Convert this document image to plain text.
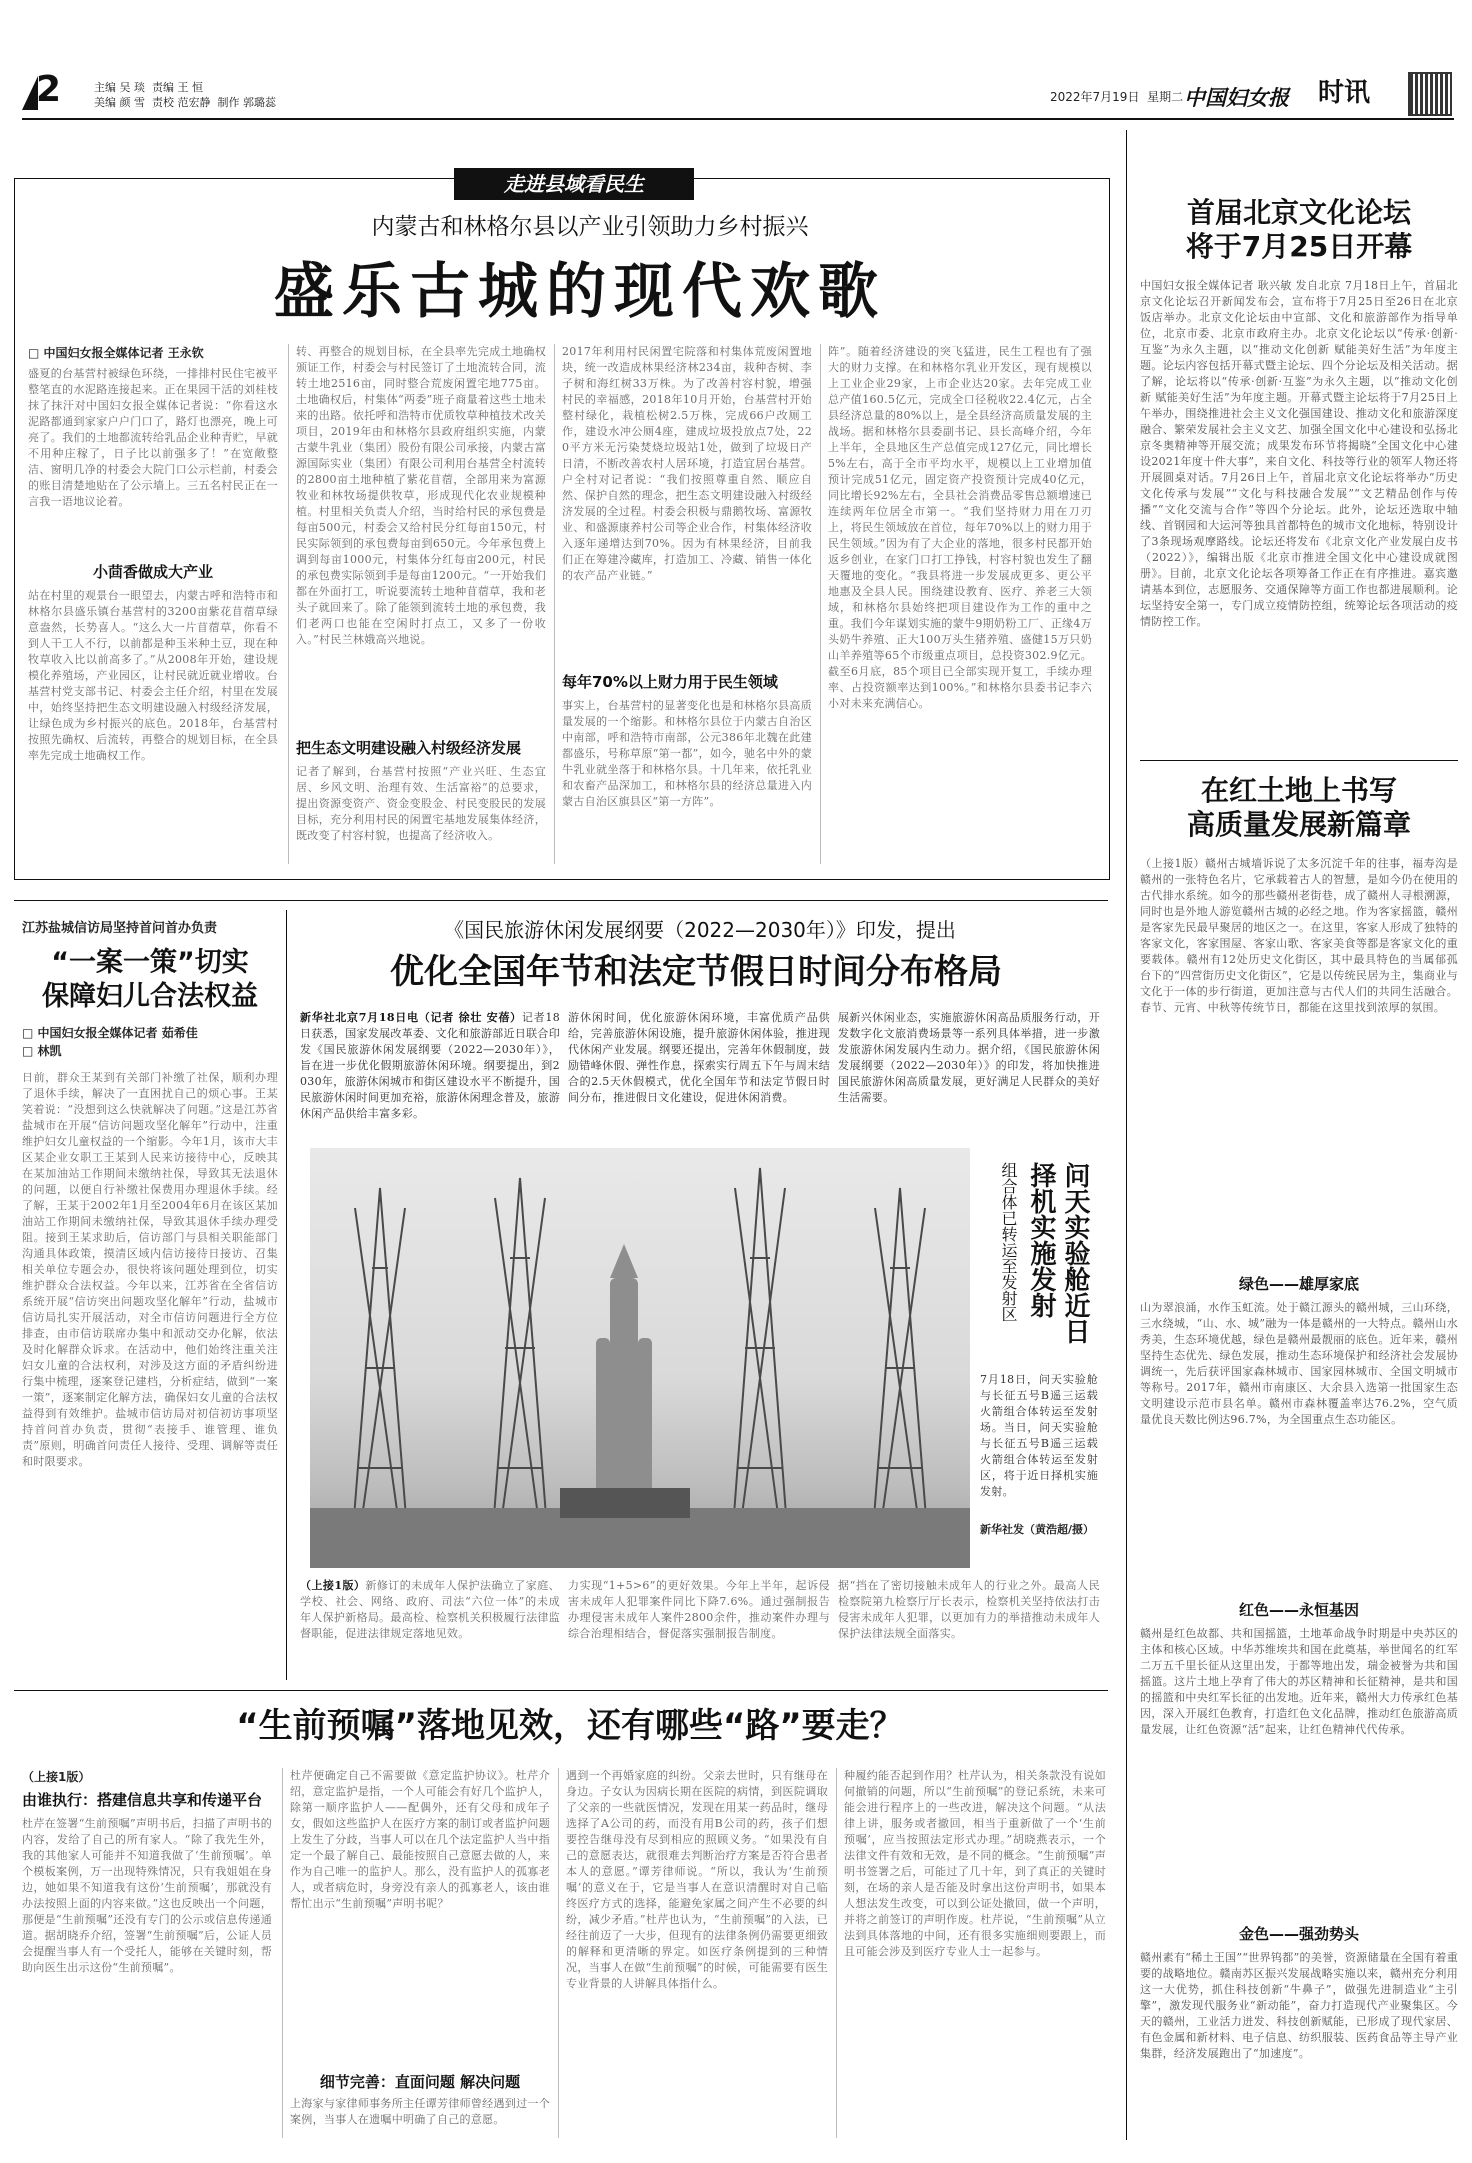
2	主编 吴 琰 责编 王 恒
美编 颜 雪 责校 范宏静 制作 郭璐蕊	2022年7月19日 星期二 中国妇女报 时讯
走进县域看民生
内蒙古和林格尔县以产业引领助力乡村振兴
盛乐古城的现代欢歌
□ 中国妇女报全媒体记者 王永钦
盛夏的台基营村被绿色环绕，一排排村民住宅被平整笔直的水泥路连接起来。正在果园干活的刘桂枝抹了抹汗对中国妇女报全媒体记者说：“你看这水泥路都通到家家户户门口了，路灯也漂亮，晚上可亮了。我们的土地都流转给乳品企业种青贮，早就不用种庄稼了，日子比以前强多了！”在宽敞整洁、窗明几净的村委会大院门口公示栏前，村委会的账目清楚地贴在了公示墙上。三五名村民正在一言我一语地议论着。
小茴香做成大产业
站在村里的观景台一眼望去，内蒙古呼和浩特市和林格尔县盛乐镇台基营村的3200亩紫花苜蓿草绿意盎然，长势喜人。“这么大一片苜蓿草，你看不到人干工人不行，以前都是种玉米种土豆，现在种牧草收入比以前高多了。”从2008年开始，建设规模化养殖场，产业园区，让村民就近就业增收。台基营村党支部书记、村委会主任介绍，村里在发展中，始终坚持把生态文明建设融入村级经济发展，让绿色成为乡村振兴的底色。2018年，台基营村按照先确权、后流转，再整合的规划目标，在全县率先完成土地确权工作。
转、再整合的规划目标，在全县率先完成土地确权颁证工作，村委会与村民签订了土地流转合同，流转土地2516亩，同时整合荒废闲置宅地775亩。土地确权后，村集体“两委”班子商量着这些土地未来的出路。依托呼和浩特市优质牧草种植技术改关项目，2019年由和林格尔县政府组织实施，内蒙古蒙牛乳业（集团）股份有限公司承接，内蒙古富源国际实业（集团）有限公司利用台基营全村流转的2800亩土地种植了紫花苜蓿，全部用来为富源牧业和林牧场提供牧草，形成现代化农业规模种植。村里相关负责人介绍，当时给村民的承包费是每亩500元，村委会又给村民分红每亩150元，村民实际领到的承包费每亩到650元。今年承包费上调到每亩1000元，村集体分红每亩200元，村民的承包费实际领到手是每亩1200元。“一开始我们都在外面打工，听说要流转土地种苜蓿草，我和老头子就回来了。除了能领到流转土地的承包费，我们老两口也能在空闲时打点工，又多了一份收入。”村民兰林娥高兴地说。
把生态文明建设融入村级经济发展
记者了解到，台基营村按照“产业兴旺、生态宜居、乡风文明、治理有效、生活富裕”的总要求，提出资源变资产、资金变股金、村民变股民的发展目标，充分利用村民的闲置宅基地发展集体经济，既改变了村容村貌，也提高了经济收入。
2017年利用村民闲置宅院落和村集体荒废闲置地块，统一改造成林果经济林234亩，栽种杏树、李子树和海红树33万株。为了改善村容村貌，增强村民的幸福感，2018年10月开始，台基营村开始整村绿化，栽植松树2.5万株，完成66户改厕工作，建设水冲公厕4座，建成垃圾投放点7处，220平方米无污染焚烧垃圾站1处，做到了垃圾日产日清，不断改善农村人居环境，打造宜居台基营。户全村对记者说：“我们按照尊重自然、顺应自然、保护自然的理念，把生态文明建设融入村级经济发展的全过程。村委会积极与鼎鹅牧场、富源牧业、和盛源康养村公司等企业合作，村集体经济收入逐年递增达到70%。因为有林果经济，目前我们正在筹建冷藏库，打造加工、冷藏、销售一体化的农产品产业链。”
每年70%以上财力用于民生领域
事实上，台基营村的显著变化也是和林格尔县高质量发展的一个缩影。和林格尔县位于内蒙古自治区中南部，呼和浩特市南部，公元386年北魏在此建都盛乐，号称草原“第一都”，如今，驰名中外的蒙牛乳业就坐落于和林格尔县。十几年来，依托乳业和农畜产品深加工，和林格尔县的经济总量进入内蒙古自治区旗县区“第一方阵”。
阵”。随着经济建设的突飞猛进，民生工程也有了强大的财力支撑。在和林格尔乳业开发区，现有规模以上工业企业29家，上市企业达20家。去年完成工业总产值160.5亿元，完成全口径税收22.4亿元，占全县经济总量的80%以上，是全县经济高质量发展的主战场。据和林格尔县委副书记、县长高峰介绍，今年上半年，全县地区生产总值完成127亿元，同比增长5%左右，高于全市平均水平，规模以上工业增加值预计完成51亿元，固定资产投资预计完成40亿元，同比增长92%左右，全县社会消费品零售总额增速已连续两年位居全市第一。“我们坚持财力用在刀刃上，将民生领域放在首位，每年70%以上的财力用于民生领域。”因为有了大企业的落地，很多村民都开始返乡创业，在家门口打工挣钱，村容村貌也发生了翻天覆地的变化。“我县将进一步发展成更多、更公平地惠及全县人民。围绕建设教育、医疗、养老三大领域，和林格尔县始终把项目建设作为工作的重中之重。我们今年谋划实施的蒙牛9期奶粉工厂、正缘4万头奶牛养殖、正大100万头生猪养殖、盛健15万只奶山羊养殖等65个市级重点项目，总投资302.9亿元。截至6月底，85个项目已全部实现开复工，手续办理率、占投资额率达到100%。”和林格尔县委书记李六小对未来充满信心。
首届北京文化论坛
将于7月25日开幕
中国妇女报全媒体记者 耿兴敏 发自北京 7月18日上午，首届北京文化论坛召开新闻发布会，宣布将于7月25日至26日在北京饭店举办。北京文化论坛由中宣部、文化和旅游部作为指导单位，北京市委、北京市政府主办。北京文化论坛以“传承·创新·互鉴”为永久主题，以“推动文化创新 赋能美好生活”为年度主题。论坛内容包括开幕式暨主论坛、四个分论坛及相关活动。据了解，论坛将以“传承·创新·互鉴”为永久主题，以“推动文化创新 赋能美好生活”为年度主题。开幕式暨主论坛将于7月25日上午举办，围绕推进社会主义文化强国建设、推动文化和旅游深度融合、繁荣发展社会主义文艺、加强全国文化中心建设和弘扬北京冬奥精神等开展交流；成果发布环节将揭晓“全国文化中心建设2021年度十件大事”，来自文化、科技等行业的领军人物还将开展圆桌对话。7月26日上午，首届北京文化论坛将举办“历史文化传承与发展”“文化与科技融合发展”“文艺精品创作与传播”“文化交流与合作”等四个分论坛。此外，论坛还选取中轴线、首钢园和大运河等独具首都特色的城市文化地标，特别设计了3条现场观摩路线。论坛还将发布《北京文化产业发展白皮书（2022）》，编辑出版《北京市推进全国文化中心建设成就图册》。目前，北京文化论坛各项筹备工作正在有序推进。嘉宾邀请基本到位，志愿服务、交通保障等方面工作也都进展顺利。论坛坚持安全第一，专门成立疫情防控组，统筹论坛各项活动的疫情防控工作。
在红土地上书写
高质量发展新篇章
（上接1版）赣州古城墙诉说了太多沉淀千年的往事，福寿沟是赣州的一张特色名片，它承载着古人的智慧，是如今仍在使用的古代排水系统。如今的那些赣州老街巷，成了赣州人寻根溯源，同时也是外地人游览赣州古城的必经之地。作为客家摇篮，赣州是客家先民最早聚居的地区之一。在这里，客家人形成了独特的客家文化，客家围屋、客家山歌、客家美食等都是客家文化的重要载体。赣州有12处历史文化街区，其中最具特色的当属郁孤台下的“四营街历史文化街区”，它是以传统民居为主，集商业与文化于一体的步行街道，更加注意与古代人们的共同生活融合。春节、元宵、中秋等传统节日，都能在这里找到浓厚的氛围。
绿色——雄厚家底
山为翠浪涌，水作玉虹流。处于赣江源头的赣州城，三山环绕，三水绕城，“山、水、城”融为一体是赣州的一大特点。赣州山水秀美，生态环境优越，绿色是赣州最靓丽的底色。近年来，赣州坚持生态优先、绿色发展，推动生态环境保护和经济社会发展协调统一，先后获评国家森林城市、国家园林城市、全国文明城市等称号。2017年，赣州市南康区、大余县入选第一批国家生态文明建设示范市县名单。赣州市森林覆盖率达76.2%，空气质量优良天数比例达96.7%，为全国重点生态功能区。
红色——永恒基因
赣州是红色故都、共和国摇篮，土地革命战争时期是中央苏区的主体和核心区域。中华苏维埃共和国在此奠基，举世闻名的红军二万五千里长征从这里出发，于都等地出发，瑞金被誉为共和国摇篮。这片土地上孕育了伟大的苏区精神和长征精神，是共和国的摇篮和中央红军长征的出发地。近年来，赣州大力传承红色基因，深入开展红色教育，打造红色文化品牌，推动红色旅游高质量发展，让红色资源“活”起来，让红色精神代代传承。
金色——强劲势头
赣州素有“稀土王国”“世界钨都”的美誉，资源储量在全国有着重要的战略地位。赣南苏区振兴发展战略实施以来，赣州充分利用这一大优势，抓住科技创新“牛鼻子”，做强先进制造业“主引擎”，激发现代服务业“新动能”，奋力打造现代产业聚集区。今天的赣州，工业活力迸发、科技创新赋能，已形成了现代家居、有色金属和新材料、电子信息、纺织服装、医药食品等主导产业集群，经济发展跑出了“加速度”。
江苏盐城信访局坚持首问首办负责
“一案一策”切实
保障妇儿合法权益
□ 中国妇女报全媒体记者 茹希佳
□ 林凯
日前，群众王某到有关部门补缴了社保，顺利办理了退休手续，解决了一直困扰自己的烦心事。王某笑着说：“没想到这么快就解决了问题。”这是江苏省盐城市在开展“信访问题攻坚化解年”行动中，注重维护妇女儿童权益的一个缩影。今年1月，该市大丰区某企业女职工王某到人民来访接待中心，反映其在某加油站工作期间未缴纳社保，导致其无法退休的问题，以便自行补缴社保费用办理退休手续。经了解，王某于2002年1月至2004年6月在该区某加油站工作期间未缴纳社保，导致其退休手续办理受阻。接到王某求助后，信访部门与县相关职能部门沟通具体政策，摸清区域内信访接待日接访、召集相关单位专题会办，很快将该问题处理到位，切实维护群众合法权益。今年以来，江苏省在全省信访系统开展“信访突出问题攻坚化解年”行动，盐城市信访局扎实开展活动，对全市信访问题进行全方位排查，由市信访联席办集中和派动交办化解，依法及时化解群众诉求。在活动中，他们始终注重关注妇女儿童的合法权利，对涉及这方面的矛盾纠纷进行集中梳理，逐案登记建档，分析症结，做到“一案一策”，逐案制定化解方法，确保妇女儿童的合法权益得到有效维护。盐城市信访局对初信初访事项坚持首问首办负责，贯彻“表接手、谁管理、谁负责”原则，明确首问责任人接待、受理、调解等责任和时限要求。
《国民旅游休闲发展纲要（2022—2030年）》印发，提出
优化全国年节和法定节假日时间分布格局
新华社北京7月18日电（记者 徐壮 安蓓）记者18日获悉，国家发展改革委、文化和旅游部近日联合印发《国民旅游休闲发展纲要（2022—2030年）》，旨在进一步优化假期旅游休闲环境。纲要提出，到2030年，旅游休闲城市和街区建设水平不断提升，国民旅游休闲时间更加充裕，旅游休闲理念普及，旅游休闲产品供给丰富多彩。
游休闲时间，优化旅游休闲环境，丰富优质产品供给，完善旅游休闲设施，提升旅游休闲体验，推进现代休闲产业发展。纲要还提出，完善年休假制度，鼓励错峰休假、弹性作息，探索实行周五下午与周末结合的2.5天休假模式，优化全国年节和法定节假日时间分布，推进假日文化建设，促进休闲消费。
展新兴休闲业态，实施旅游休闲高品质服务行动，开发数字化文旅消费场景等一系列具体举措，进一步激发旅游休闲发展内生动力。据介绍，《国民旅游休闲发展纲要（2022—2030年）》的印发，将加快推进国民旅游休闲高质量发展，更好满足人民群众的美好生活需要。
问天实验舱近日
择机实施发射
组合体已转运至发射区
7月18日，问天实验舱与长征五号B遥三运载火箭组合体转运至发射场。当日，问天实验舱与长征五号B遥三运载火箭组合体转运至发射区，将于近日择机实施发射。
新华社发（黄浩超/摄）
（上接1版）新修订的未成年人保护法确立了家庭、学校、社会、网络、政府、司法“六位一体”的未成年人保护新格局。最高检、检察机关积极履行法律监督职能，促进法律规定落地见效。
力实现“1+5>6”的更好效果。今年上半年，起诉侵害未成年人犯罪案件同比下降7.6%。通过强制报告办理侵害未成年人案件2800余件，推动案件办理与综合治理相结合，督促落实强制报告制度。
据“挡在了密切接触未成年人的行业之外。最高人民检察院第九检察厅厅长表示，检察机关坚持依法打击侵害未成年人犯罪，以更加有力的举措推动未成年人保护法律法规全面落实。
“生前预嘱”落地见效，还有哪些“路”要走？
（上接1版）
由谁执行：搭建信息共享和传递平台
杜芹在签署“生前预嘱”声明书后，扫描了声明书的内容，发给了自己的所有家人。“除了我先生外，我的其他家人可能并不知道我做了‘生前预嘱’。单个模板案例，万一出现特殊情况，只有我姐姐在身边，她如果不知道我有这份‘生前预嘱’，那就没有办法按照上面的内容来做。”这也反映出一个问题，那便是“生前预嘱”还没有专门的公示或信息传递通道。据胡晓乔介绍，签署“生前预嘱”后，公证人员会提醒当事人有一个受托人，能够在关键时刻，帮助向医生出示这份“生前预嘱”。
杜芹便确定自己不需要做《意定监护协议》。杜芹介绍，意定监护是指，一个人可能会有好几个监护人，除第一顺序监护人——配偶外，还有父母和成年子女，假如这些监护人在医疗方案的制订或者监护问题上发生了分歧，当事人可以在几个法定监护人当中指定一个最了解自己、最能按照自己意愿去做的人，来作为自己唯一的监护人。那么，没有监护人的孤寡老人，或者病危时，身旁没有亲人的孤寡老人，该由谁帮忙出示“生前预嘱”声明书呢？
细节完善：直面问题 解决问题
上海家与家律师事务所主任谭芳律师曾经遇到过一个案例，当事人在遗嘱中明确了自己的意愿。
遇到一个再婚家庭的纠纷。父亲去世时，只有继母在身边。子女认为因病长期在医院的病情，到医院调取了父亲的一些就医情况，发现在用某一药品时，继母选择了A公司的药，而没有用B公司的药，孩子们想要控告继母没有尽到相应的照顾义务。“如果没有自己的意愿表达，就很难去判断治疗方案是否符合患者本人的意愿。”谭芳律师说。“所以，我认为‘生前预嘱’的意义在于，它是当事人在意识清醒时对自己临终医疗方式的选择，能避免家属之间产生不必要的纠纷，减少矛盾。”杜芹也认为，“生前预嘱”的入法，已经往前迈了一大步，但现有的法律条例仍需要更细致的解释和更清晰的界定。如医疗条例提到的三种情况，当事人在做“生前预嘱”的时候，可能需要有医生专业背景的人讲解具体指什么。
种履约能否起到作用？杜芹认为，相关条款没有说如何撤销的问题，所以“生前预嘱”的登记系统，未来可能会进行程序上的一些改进，解决这个问题。“从法律上讲，服务或者撤回，相当于重新做了一个‘生前预嘱’，应当按照法定形式办理。”胡晓燕表示，一个法律文件有效和无效，是不同的概念。“生前预嘱”声明书签署之后，可能过了几十年，到了真正的关键时刻，在场的亲人是否能及时拿出这份声明书，如果本人想法发生改变，可以到公证处撤回，做一个声明，并将之前签订的声明作废。杜芹说，“生前预嘱”从立法到具体落地的中间，还有很多实施细则要跟上，而且可能会涉及到医疗专业人士一起参与。
